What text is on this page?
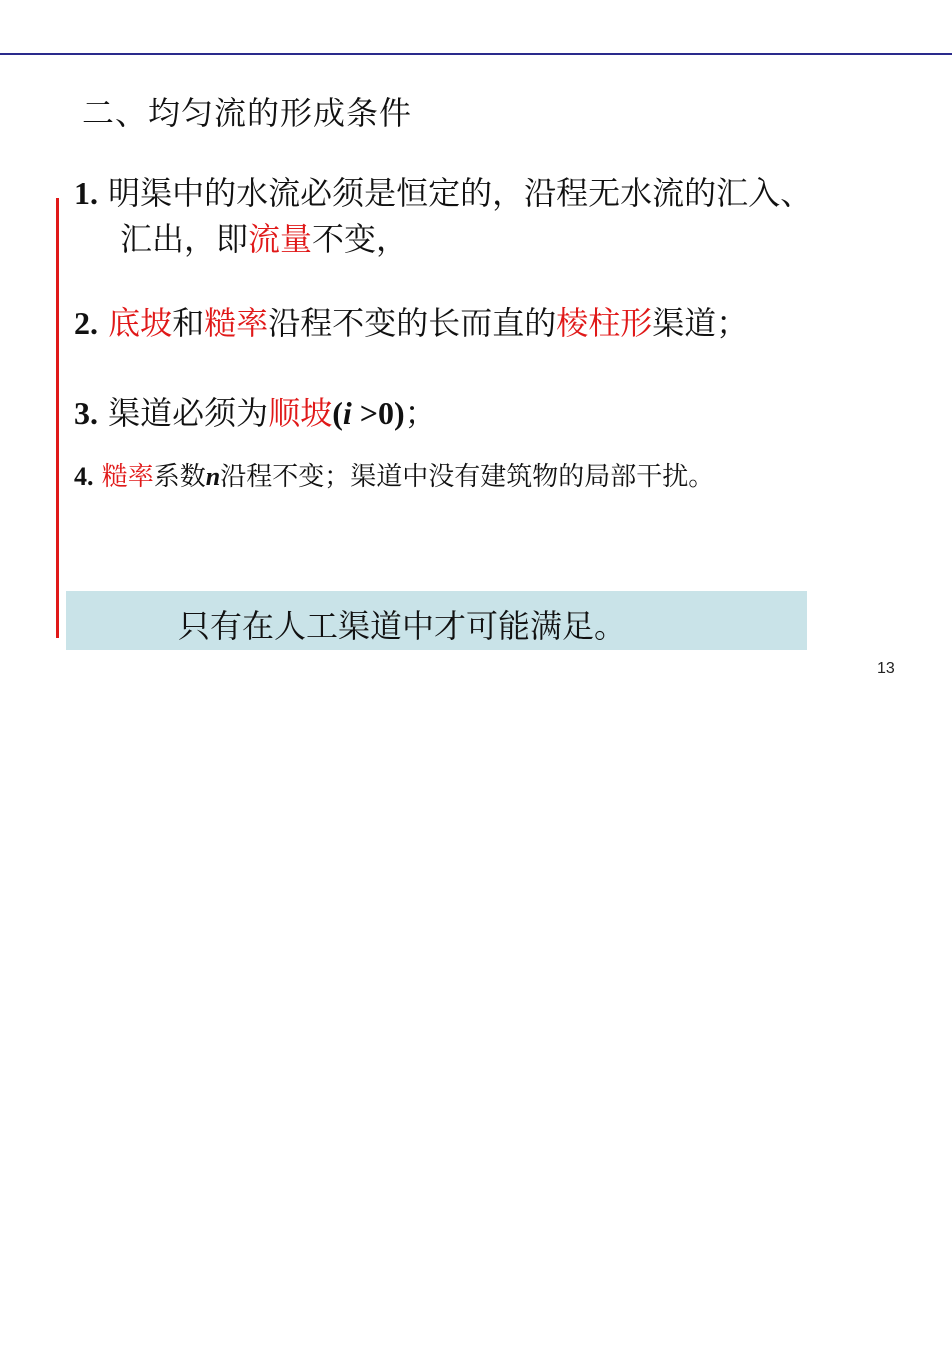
二、均匀流的形成条件
1. 明渠中的水流必须是恒定的，沿程无水流的汇入、
汇出，即流量不变，
2. 底坡和糙率沿程不变的长而直的棱柱形渠道；
3. 渠道必须为顺坡(i >0)；
4. 糙率系数n沿程不变；渠道中没有建筑物的局部干扰。
只有在人工渠道中才可能满足。
13
